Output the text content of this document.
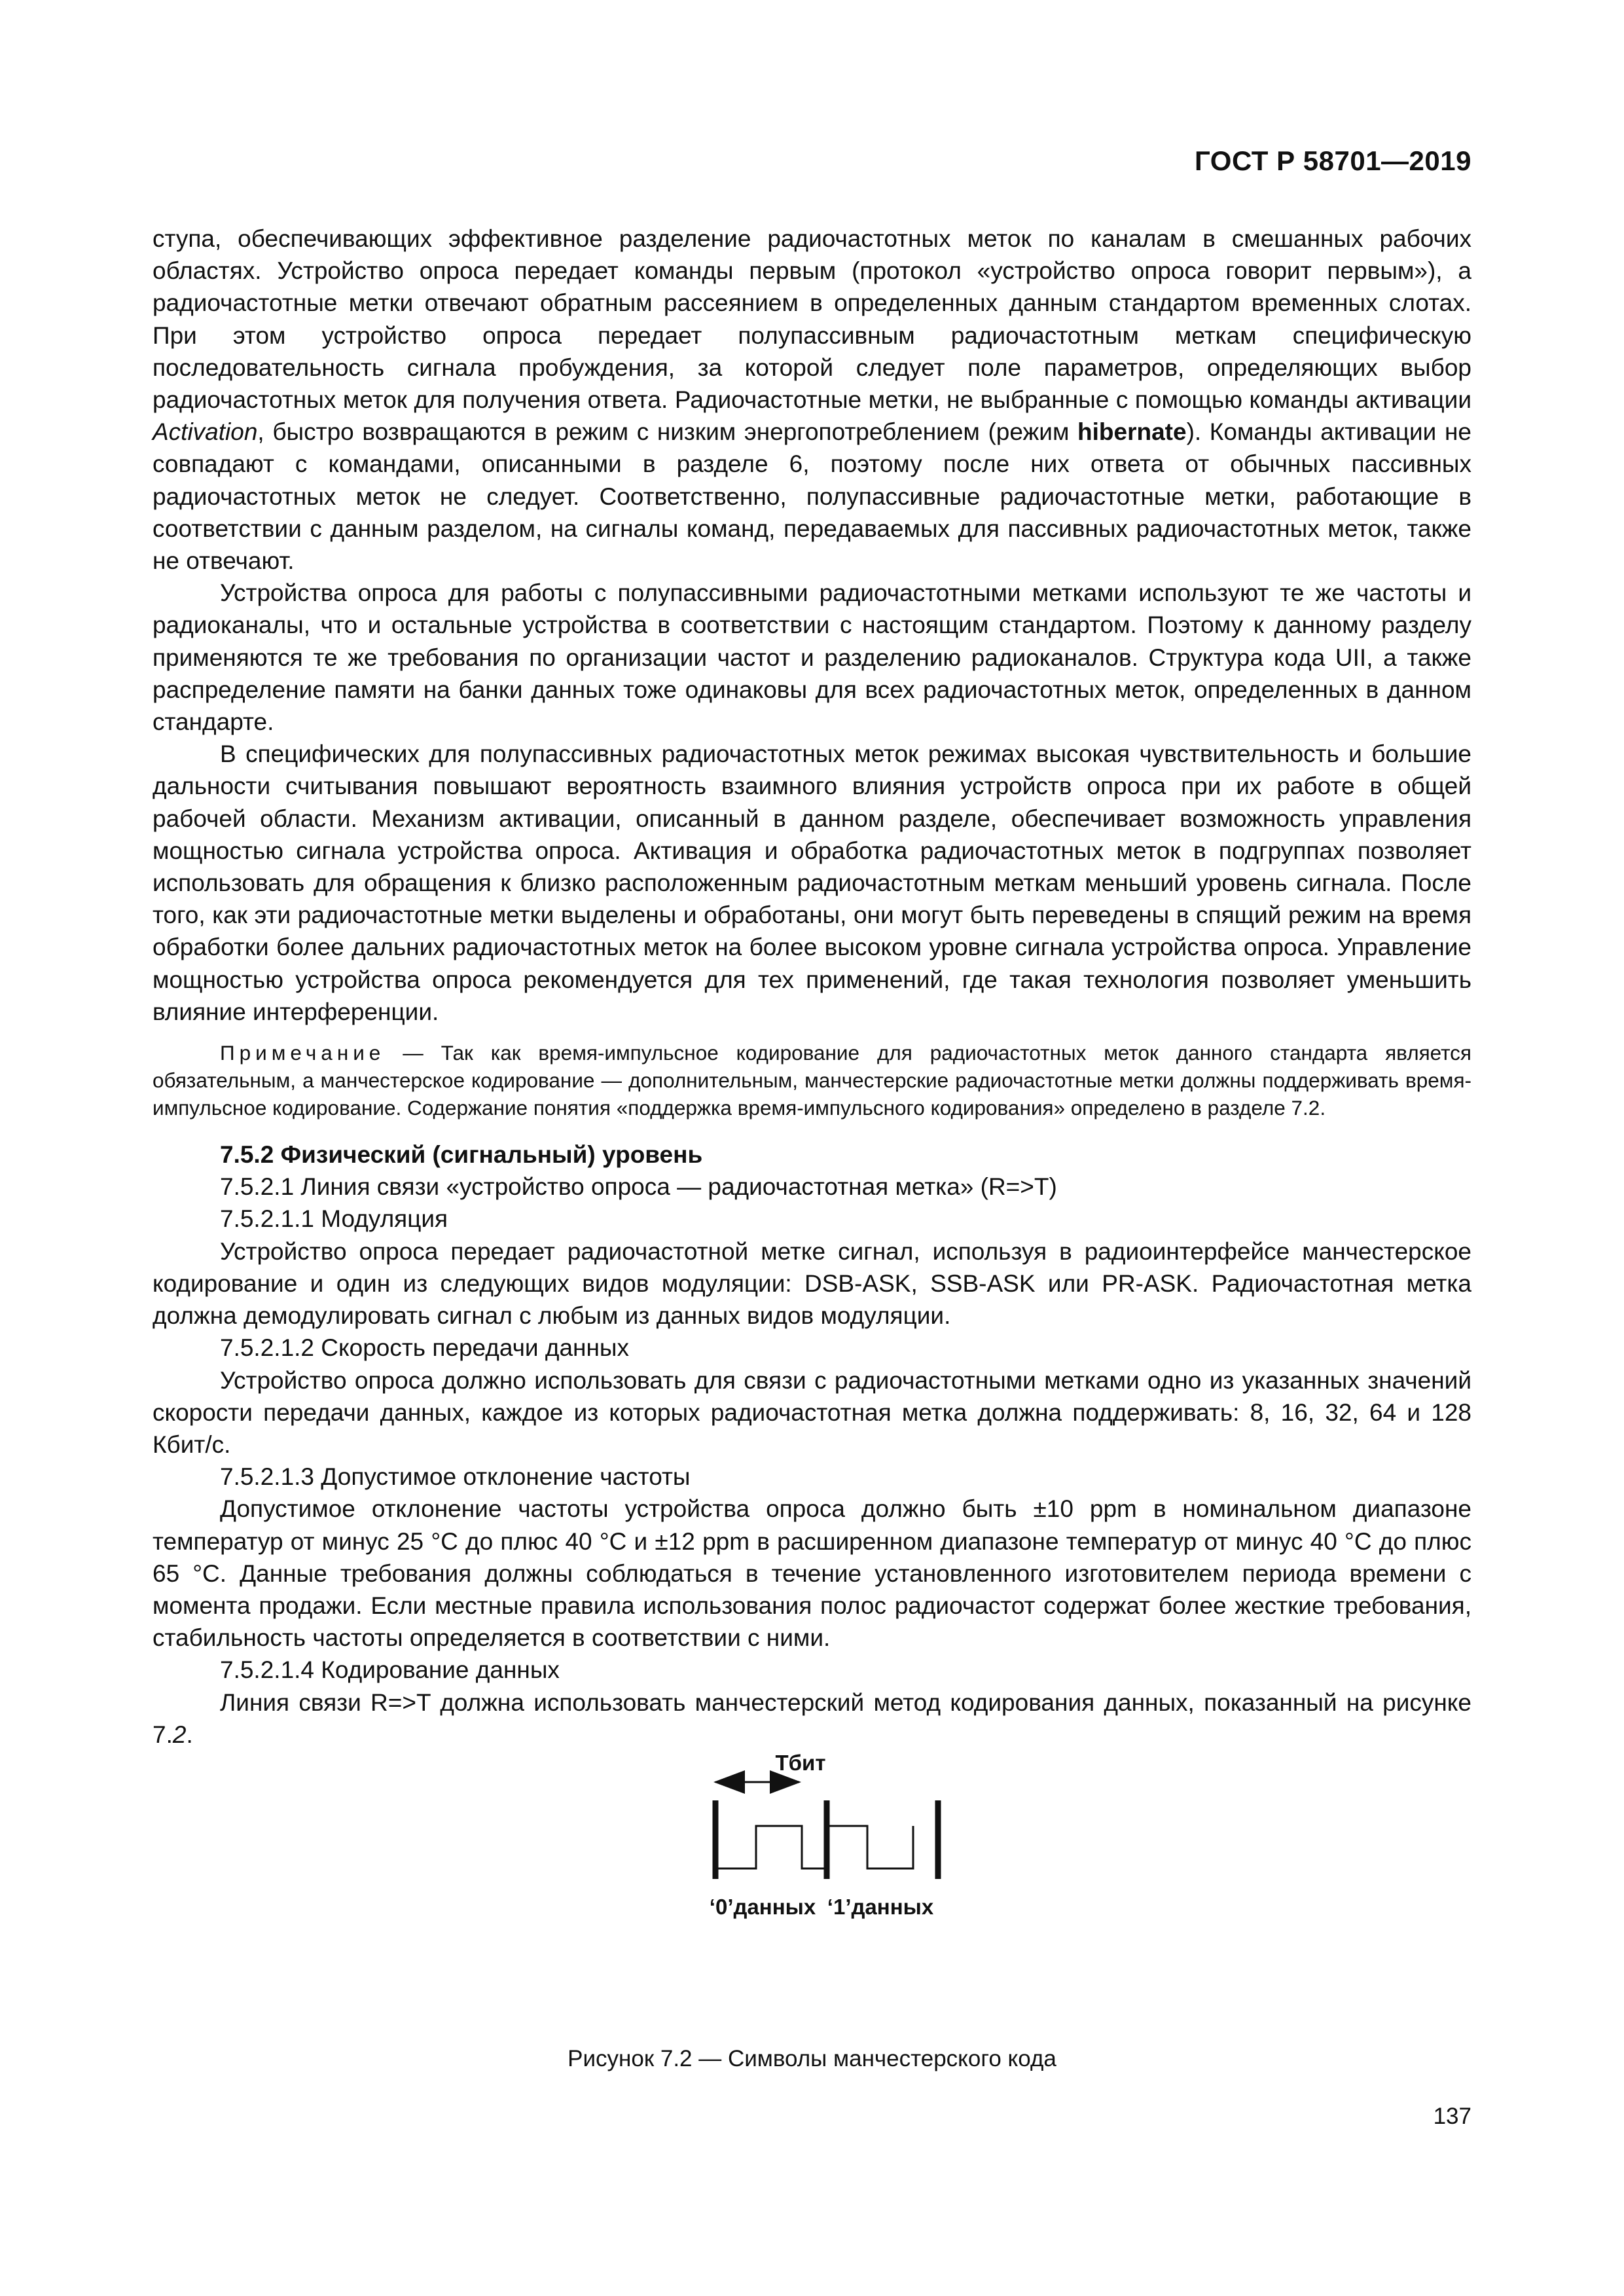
ГОСТ Р 58701—2019

ступа, обеспечивающих эффективное разделение радиочастотных меток по каналам в смешанных рабочих областях. Устройство опроса передает команды первым (протокол «устройство опроса говорит первым»), а радиочастотные метки отвечают обратным рассеянием в определенных данным стандартом временных слотах. При этом устройство опроса передает полупассивным радиочастотным меткам специфическую последовательность сигнала пробуждения, за которой следует поле параметров, определяющих выбор радиочастотных меток для получения ответа. Радиочастотные метки, не выбранные с помощью команды активации Activation, быстро возвращаются в режим с низким энергопотреблением (режим hibernate). Команды активации не совпадают с командами, описанными в разделе 6, поэтому после них ответа от обычных пассивных радиочастотных меток не следует. Соответственно, полупассивные радиочастотные метки, работающие в соответствии с данным разделом, на сигналы команд, передаваемых для пассивных радиочастотных меток, также не отвечают.

Устройства опроса для работы с полупассивными радиочастотными метками используют те же частоты и радиоканалы, что и остальные устройства в соответствии с настоящим стандартом. Поэтому к данному разделу применяются те же требования по организации частот и разделению радиоканалов. Структура кода UII, а также распределение памяти на банки данных тоже одинаковы для всех радиочастотных меток, определенных в данном стандарте.

В специфических для полупассивных радиочастотных меток режимах высокая чувствительность и большие дальности считывания повышают вероятность взаимного влияния устройств опроса при их работе в общей рабочей области. Механизм активации, описанный в данном разделе, обеспечивает возможность управления мощностью сигнала устройства опроса. Активация и обработка радиочастотных меток в подгруппах позволяет использовать для обращения к близко расположенным радиочастотным меткам меньший уровень сигнала. После того, как эти радиочастотные метки выделены и обработаны, они могут быть переведены в спящий режим на время обработки более дальних радиочастотных меток на более высоком уровне сигнала устройства опроса. Управление мощностью устройства опроса рекомендуется для тех применений, где такая технология позволяет уменьшить влияние интерференции.

Примечание — Так как время-импульсное кодирование для радиочастотных меток данного стандарта является обязательным, а манчестерское кодирование — дополнительным, манчестерские радиочастотные метки должны поддерживать время-импульсное кодирование. Содержание понятия «поддержка время-импульсного кодирования» определено в разделе 7.2.

7.5.2 Физический (сигнальный) уровень

7.5.2.1 Линия связи «устройство опроса — радиочастотная метка» (R=>T)

7.5.2.1.1 Модуляция

Устройство опроса передает радиочастотной метке сигнал, используя в радиоинтерфейсе манчестерское кодирование и один из следующих видов модуляции: DSB-ASK, SSB-ASK или PR-ASK. Радиочастотная метка должна демодулировать сигнал с любым из данных видов модуляции.

7.5.2.1.2 Скорость передачи данных

Устройство опроса должно использовать для связи с радиочастотными метками одно из указанных значений скорости передачи данных, каждое из которых радиочастотная метка должна поддерживать: 8, 16, 32, 64 и 128 Кбит/с.

7.5.2.1.3 Допустимое отклонение частоты

Допустимое отклонение частоты устройства опроса должно быть ±10 ppm в номинальном диапазоне температур от минус 25 °С до плюс 40 °С и ±12 ppm в расширенном диапазоне температур от минус 40 °С до плюс 65 °С. Данные требования должны соблюдаться в течение установленного изготовителем периода времени с момента продажи. Если местные правила использования полос радиочастот содержат более жесткие требования, стабильность частоты определяется в соответствии с ними.

7.5.2.1.4 Кодирование данных

Линия связи R=>T должна использовать манчестерский метод кодирования данных, показанный на рисунке 7.2.

Tбит
‘0’данных ‘1’данных
Рисунок 7.2 — Символы манчестерского кода
137
